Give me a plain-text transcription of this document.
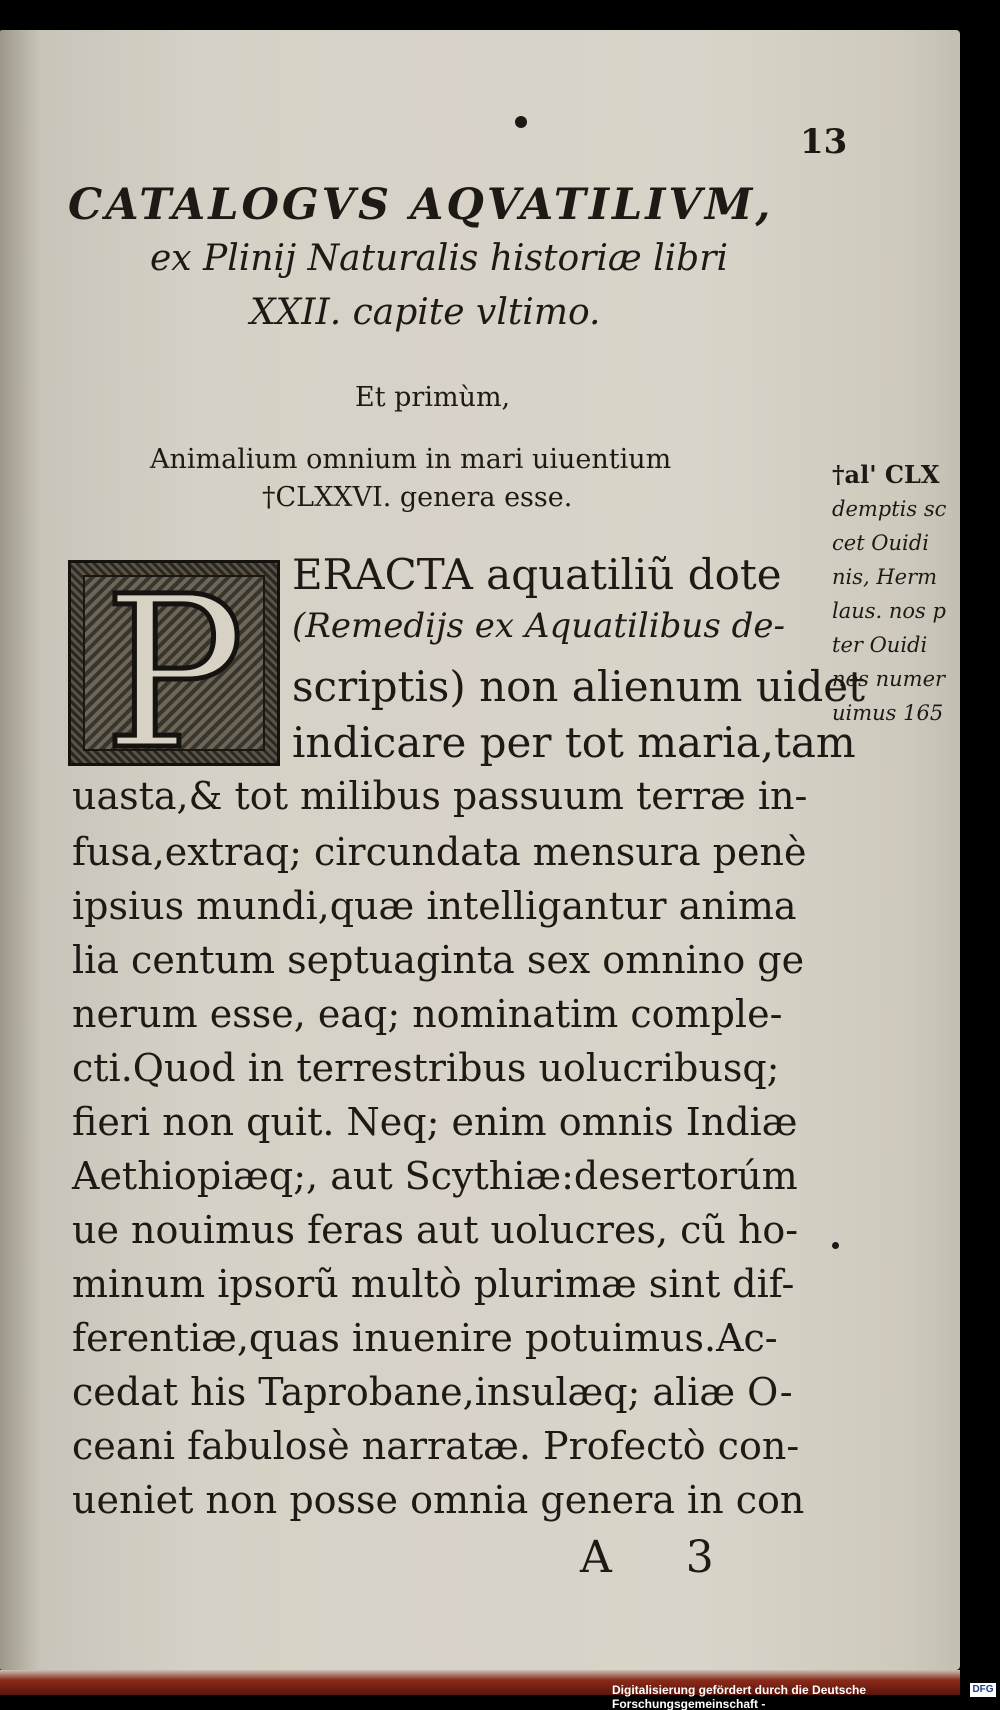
13
CATALOGVS AQVATILIVM,
ex Plinij Naturalis historiæ libri
XXII. capite vltimo.
Et primùm,
Animalium omnium in mari uiuentium
†CLXXVI. genera esse.
P	ERACTA aquatiliũ dote
(Remedijs ex Aquatilibus de-
scriptis) non alienum uidet
indicare per tot maria,tam
uasta,& tot milibus passuum terræ in-
fusa,extraq; circundata mensura penè
ipsius mundi,quæ intelligantur anima
lia centum septuaginta sex omnino ge
nerum esse, eaq; nominatim comple-
cti.Quod in terrestribus uolucribusq;
fieri non quit. Neq; enim omnis Indiæ
Aethiopiæq;, aut Scythiæ:desertorúm
ue nouimus feras aut uolucres, cũ ho-
minum ipsorũ multò plurimæ sint dif-
ferentiæ,quas inuenire potuimus.Ac-
cedat his Taprobane,insulæq; aliæ O-
ceani fabulosè narratæ. Profectò con-
ueniet non posse omnia genera in con
A 3
†al' CLX
demptis sc
cet Ouidi
nis, Herm
laus. nos p
ter Ouidi
nos numer
uimus 165
Digitalisierung gefördert durch die Deutsche Forschungsgemeinschaft -
DFG
